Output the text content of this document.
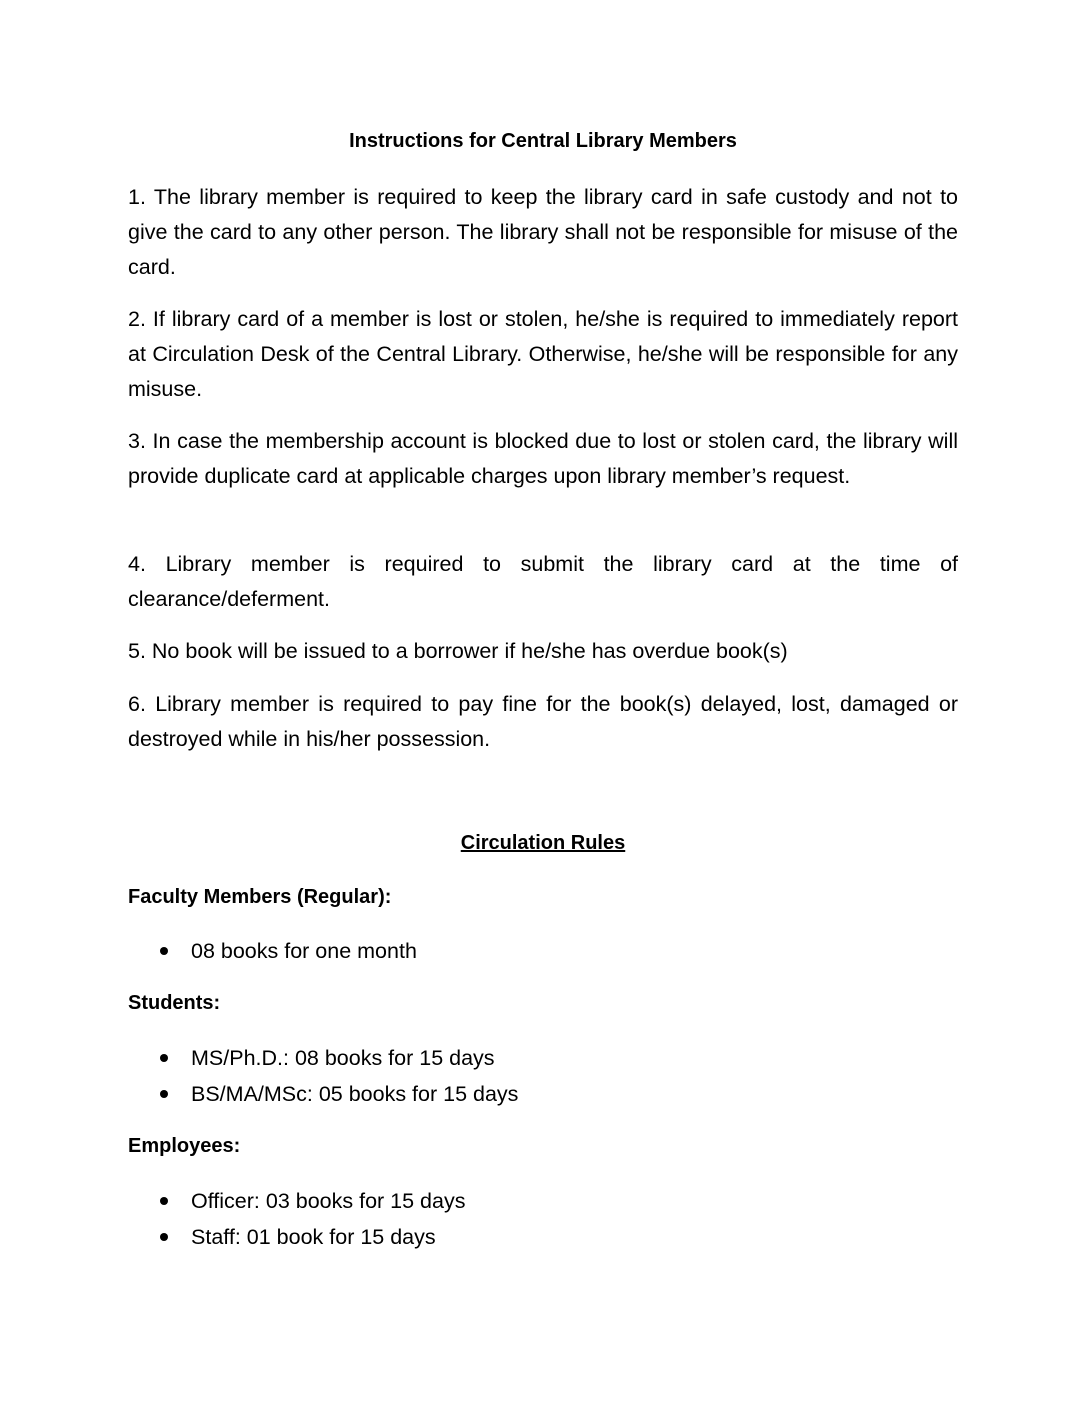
Instructions for Central Library Members

1. The library member is required to keep the library card in safe custody and not to give the card to any other person. The library shall not be responsible for misuse of the card.

2. If library card of a member is lost or stolen, he/she is required to immediately report at Circulation Desk of the Central Library. Otherwise, he/she will be responsible for any misuse.

3. In case the membership account is blocked due to lost or stolen card, the library will provide duplicate card at applicable charges upon library member’s request.

4. Library member is required to submit the library card at the time of clearance/deferment.

5. No book will be issued to a borrower if he/she has overdue book(s)

6. Library member is required to pay fine for the book(s) delayed, lost, damaged or destroyed while in his/her possession.

Circulation Rules
Faculty Members (Regular):
08 books for one month
Students:
MS/Ph.D.: 08 books for 15 days
BS/MA/MSc: 05 books for 15 days
Employees:
Officer: 03 books for 15 days
Staff: 01 book for 15 days
